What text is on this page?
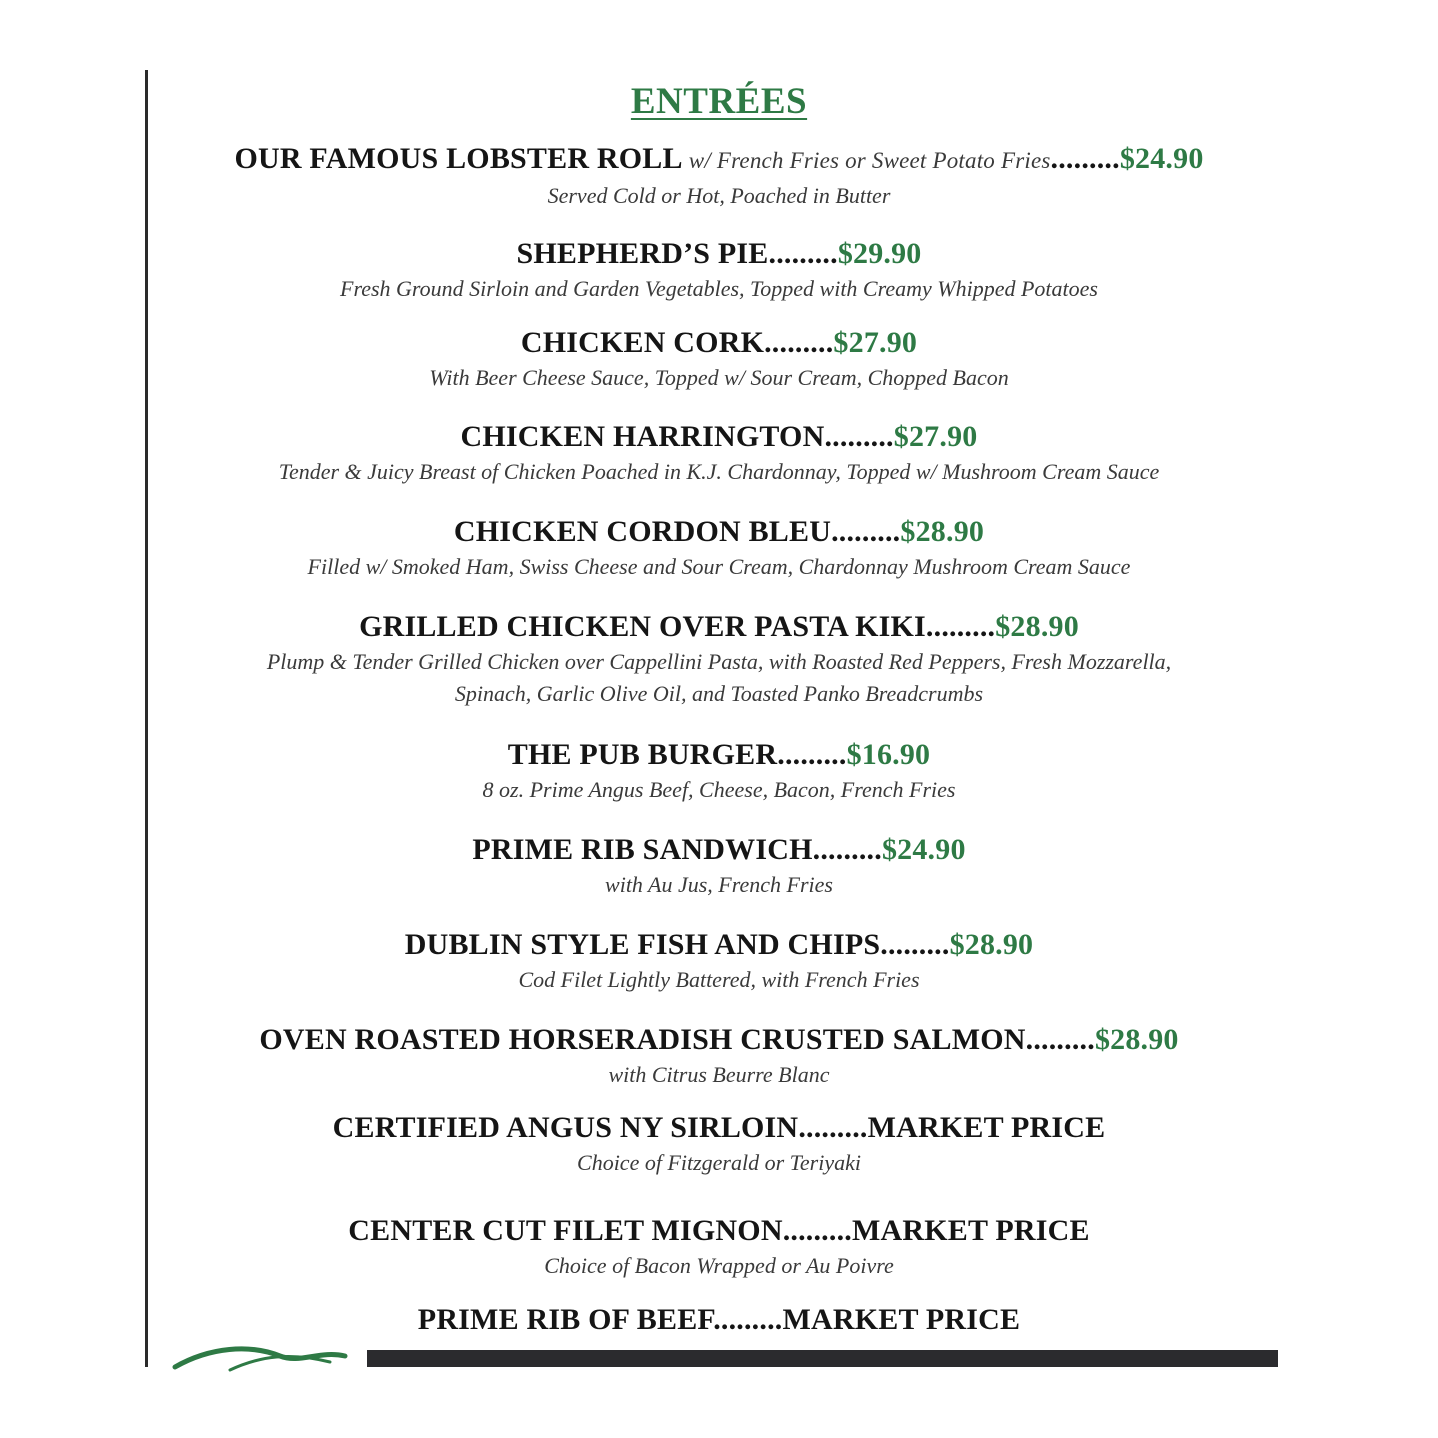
ENTRÉES
OUR FAMOUS LOBSTER ROLL w/ French Fries or Sweet Potato Fries.........$24.90
Served Cold or Hot, Poached in Butter
SHEPHERD’S PIE.........$29.90
Fresh Ground Sirloin and Garden Vegetables, Topped with Creamy Whipped Potatoes
CHICKEN CORK.........$27.90
With Beer Cheese Sauce, Topped w/ Sour Cream, Chopped Bacon
CHICKEN HARRINGTON.........$27.90
Tender & Juicy Breast of Chicken Poached in K.J. Chardonnay, Topped w/ Mushroom Cream Sauce
CHICKEN CORDON BLEU.........$28.90
Filled w/ Smoked Ham, Swiss Cheese and Sour Cream, Chardonnay Mushroom Cream Sauce
GRILLED CHICKEN OVER PASTA KIKI.........$28.90
Plump & Tender Grilled Chicken over Cappellini Pasta, with Roasted Red Peppers, Fresh Mozzarella,
Spinach, Garlic Olive Oil, and Toasted Panko Breadcrumbs
THE PUB BURGER.........$16.90
8 oz. Prime Angus Beef, Cheese, Bacon, French Fries
PRIME RIB SANDWICH.........$24.90
with Au Jus, French Fries
DUBLIN STYLE FISH AND CHIPS.........$28.90
Cod Filet Lightly Battered, with French Fries
OVEN ROASTED HORSERADISH CRUSTED SALMON.........$28.90
with Citrus Beurre Blanc
CERTIFIED ANGUS NY SIRLOIN.........MARKET PRICE
Choice of Fitzgerald or Teriyaki
CENTER CUT FILET MIGNON.........MARKET PRICE
Choice of Bacon Wrapped or Au Poivre
PRIME RIB OF BEEF.........MARKET PRICE
